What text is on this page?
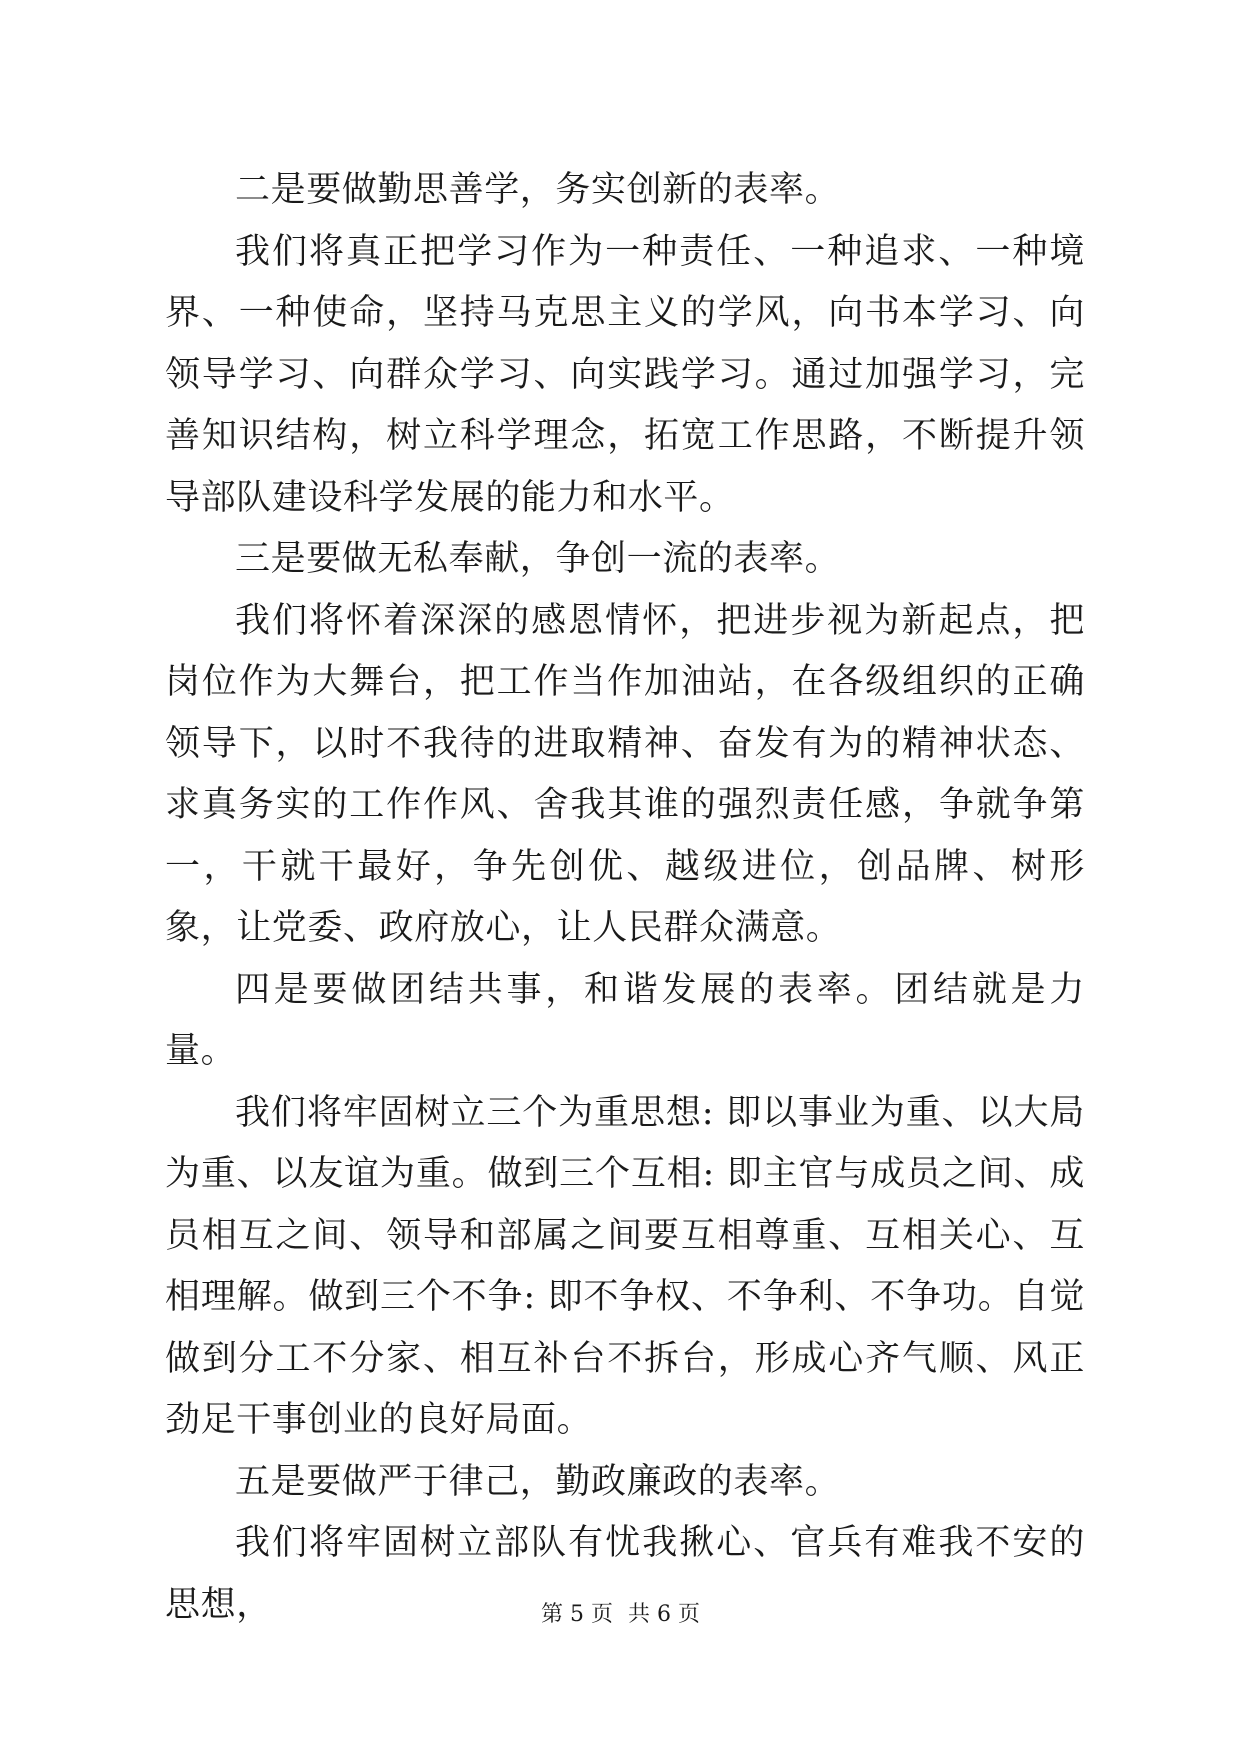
二是要做勤思善学，务实创新的表率。

我们将真正把学习作为一种责任、一种追求、一种境界、一种使命，坚持马克思主义的学风，向书本学习、向领导学习、向群众学习、向实践学习。通过加强学习，完善知识结构，树立科学理念，拓宽工作思路，不断提升领导部队建设科学发展的能力和水平。

三是要做无私奉献，争创一流的表率。

我们将怀着深深的感恩情怀，把进步视为新起点，把岗位作为大舞台，把工作当作加油站，在各级组织的正确领导下，以时不我待的进取精神、奋发有为的精神状态、求真务实的工作作风、舍我其谁的强烈责任感，争就争第一，干就干最好，争先创优、越级进位，创品牌、树形象，让党委、政府放心，让人民群众满意。

四是要做团结共事，和谐发展的表率。团结就是力量。

我们将牢固树立三个为重思想: 即以事业为重、以大局为重、以友谊为重。做到三个互相: 即主官与成员之间、成员相互之间、领导和部属之间要互相尊重、互相关心、互相理解。做到三个不争: 即不争权、不争利、不争功。自觉做到分工不分家、相互补台不拆台，形成心齐气顺、风正劲足干事创业的良好局面。

五是要做严于律己，勤政廉政的表率。

我们将牢固树立部队有忧我揪心、官兵有难我不安的思想，	第 5 页 共 6 页
